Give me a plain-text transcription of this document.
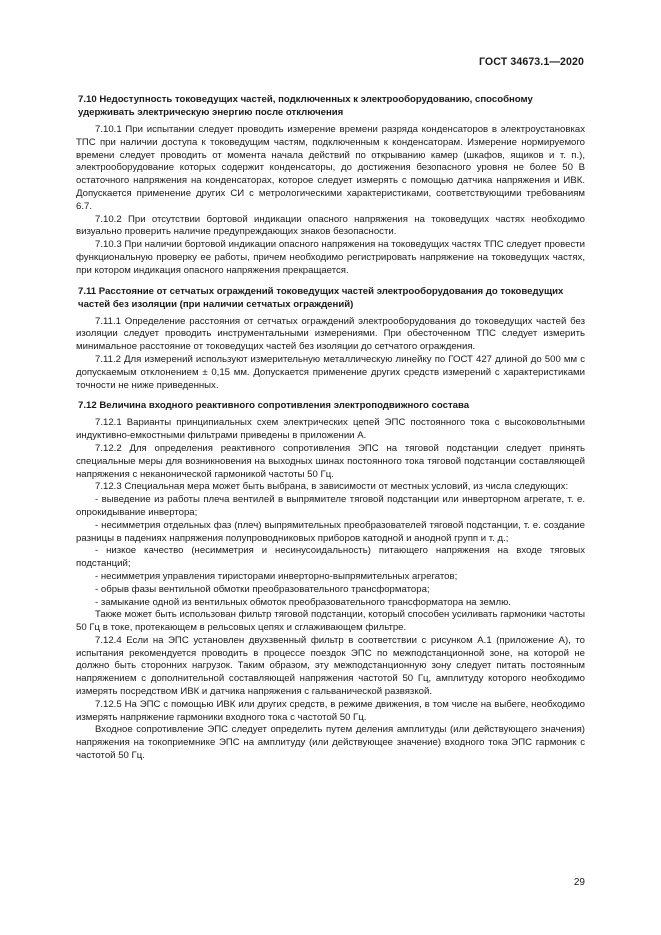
ГОСТ 34673.1—2020
7.10 Недоступность токоведущих частей, подключенных к электрооборудованию, способному удерживать электрическую энергию после отключения

7.10.1 При испытании следует проводить измерение времени разряда конденсаторов в электроустановках ТПС при наличии доступа к токоведущим частям, подключенным к конденсаторам. Измерение нормируемого времени следует проводить от момента начала действий по открыванию камер (шкафов, ящиков и т. п.), электрооборудование которых содержит конденсаторы, до достижения безопасного уровня не более 50 В остаточного напряжения на конденсаторах, которое следует измерять с помощью датчика напряжения и ИВК. Допускается применение других СИ с метрологическими характеристиками, соответствующими требованиям 6.7.

7.10.2 При отсутствии бортовой индикации опасного напряжения на токоведущих частях необходимо визуально проверить наличие предупреждающих знаков безопасности.

7.10.3 При наличии бортовой индикации опасного напряжения на токоведущих частях ТПС следует провести функциональную проверку ее работы, причем необходимо регистрировать напряжение на токоведущих частях, при котором индикация опасного напряжения прекращается.

7.11 Расстояние от сетчатых ограждений токоведущих частей электрооборудования до токоведущих частей без изоляции (при наличии сетчатых ограждений)

7.11.1 Определение расстояния от сетчатых ограждений электрооборудования до токоведущих частей без изоляции следует проводить инструментальными измерениями. При обесточенном ТПС следует измерить минимальное расстояние от токоведущих частей без изоляции до сетчатого ограждения.

7.11.2 Для измерений используют измерительную металлическую линейку по ГОСТ 427 длиной до 500 мм с допускаемым отклонением ± 0,15 мм. Допускается применение других средств измерений с характеристиками точности не ниже приведенных.

7.12 Величина входного реактивного сопротивления электроподвижного состава

7.12.1 Варианты принципиальных схем электрических цепей ЭПС постоянного тока с высоковольтными индуктивно-емкостными фильтрами приведены в приложении А.

7.12.2 Для определения реактивного сопротивления ЭПС на тяговой подстанции следует принять специальные меры для возникновения на выходных шинах постоянного тока тяговой подстанции составляющей напряжения с неканонической гармоникой частоты 50 Гц.

7.12.3 Специальная мера может быть выбрана, в зависимости от местных условий, из числа следующих:

- выведение из работы плеча вентилей в выпрямителе тяговой подстанции или инверторном агрегате, т. е. опрокидывание инвертора;

- несимметрия отдельных фаз (плеч) выпрямительных преобразователей тяговой подстанции, т. е. создание разницы в падениях напряжения полупроводниковых приборов катодной и анодной групп и т. д.;

- низкое качество (несимметрия и несинусоидальность) питающего напряжения на входе тяговых подстанций;

- несимметрия управления тиристорами инверторно-выпрямительных агрегатов;

- обрыв фазы вентильной обмотки преобразовательного трансформатора;

- замыкание одной из вентильных обмоток преобразовательного трансформатора на землю.

Также может быть использован фильтр тяговой подстанции, который способен усиливать гармоники частоты 50 Гц в токе, протекающем в рельсовых цепях и сглаживающем фильтре.

7.12.4 Если на ЭПС установлен двухзвенный фильтр в соответствии с рисунком А.1 (приложение А), то испытания рекомендуется проводить в процессе поездок ЭПС по межподстанционной зоне, на которой не должно быть сторонних нагрузок. Таким образом, эту межподстанционную зону следует питать постоянным напряжением с дополнительной составляющей напряжения частотой 50 Гц, амплитуду которого необходимо измерять посредством ИВК и датчика напряжения с гальванической развязкой.

7.12.5 На ЭПС с помощью ИВК или других средств, в режиме движения, в том числе на выбеге, необходимо измерять напряжение гармоники входного тока с частотой 50 Гц.

Входное сопротивление ЭПС следует определить путем деления амплитуды (или действующего значения) напряжения на токоприемнике ЭПС на амплитуду (или действующее значение) входного тока ЭПС гармоник с частотой 50 Гц.

29
